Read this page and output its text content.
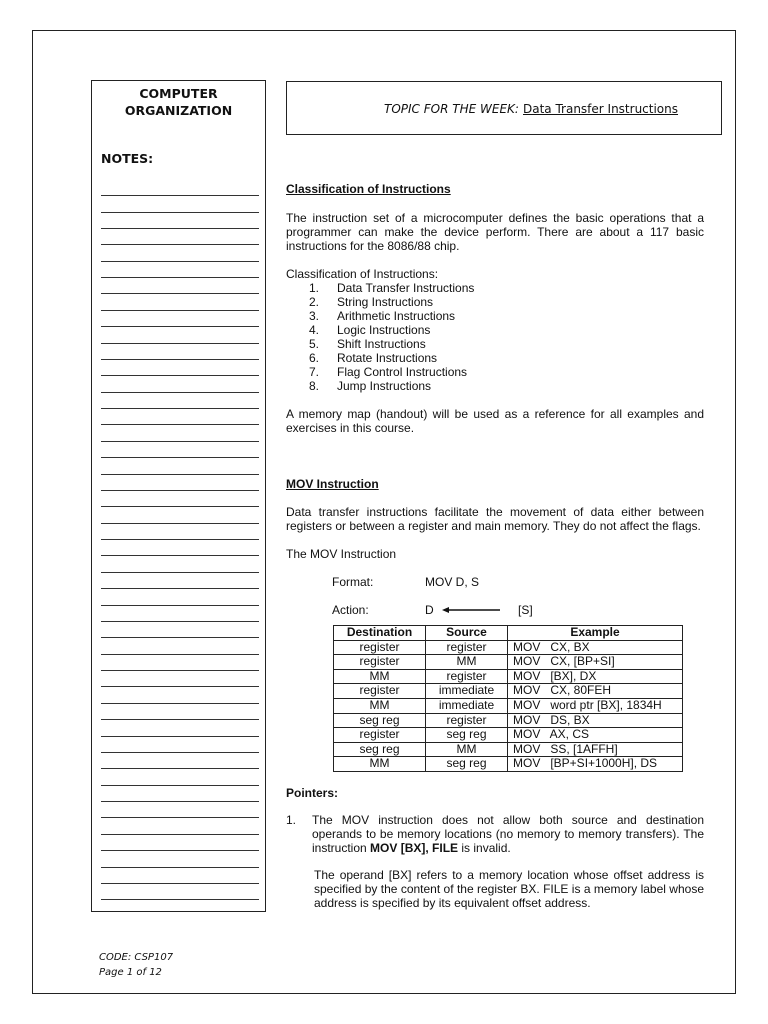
COMPUTER
ORGANIZATION

NOTES:

TOPIC FOR THE WEEK: Data Transfer Instructions

Classification of Instructions

The instruction set of a microcomputer defines the basic operations that a programmer can make the device perform. There are about a 117 basic instructions for the 8086/88 chip.

Classification of Instructions:

1. Data Transfer Instructions
2. String Instructions
3. Arithmetic Instructions
4. Logic Instructions
5. Shift Instructions
6. Rotate Instructions
7. Flag Control Instructions
8. Jump Instructions

A memory map (handout) will be used as a reference for all examples and exercises in this course.

MOV Instruction

Data transfer instructions facilitate the movement of data either between registers or between a register and main memory. They do not affect the flags.

The MOV Instruction

Format:	MOV D, S
Action:	D	[S]
Destination	Source	Example
register	register	MOV   CX, BX
register	MM	MOV   CX, [BP+SI]
MM	register	MOV   [BX], DX
register	immediate	MOV   CX, 80FEH
MM	immediate	MOV   word ptr [BX], 1834H
seg reg	register	MOV   DS, BX
register	seg reg	MOV   AX, CS
seg reg	MM	MOV   SS, [1AFFH]
MM	seg reg	MOV   [BP+SI+1000H], DS

Pointers:

1. The MOV instruction does not allow both source and destination operands to be memory locations (no memory to memory transfers). The instruction MOV [BX], FILE is invalid.

The operand [BX] refers to a memory location whose offset address is specified by the content of the register BX. FILE is a memory label whose address is specified by its equivalent offset address.

CODE: CSP107
Page 1 of 12
